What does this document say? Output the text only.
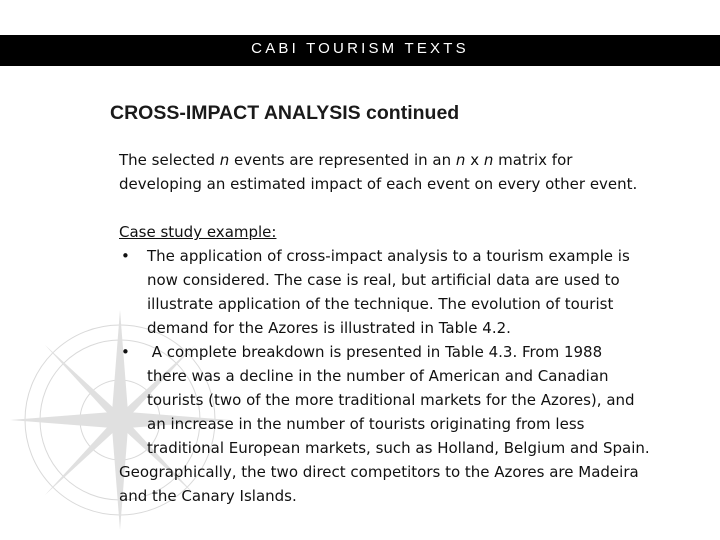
CABI TOURISM TEXTS
CROSS-IMPACT ANALYSIS continued

The selected n events are represented in an n x n matrix for

developing an estimated impact of each event on every other event.

Case study example:

• The application of cross-impact analysis to a tourism example is

now considered. The case is real, but artificial data are used to

illustrate application of the technique. The evolution of tourist

demand for the Azores is illustrated in Table 4.2.

• A complete breakdown is presented in Table 4.3. From 1988

there was a decline in the number of American and Canadian

tourists (two of the more traditional markets for the Azores), and

an increase in the number of tourists originating from less

traditional European markets, such as Holland, Belgium and Spain.

Geographically, the two direct competitors to the Azores are Madeira

and the Canary Islands.
